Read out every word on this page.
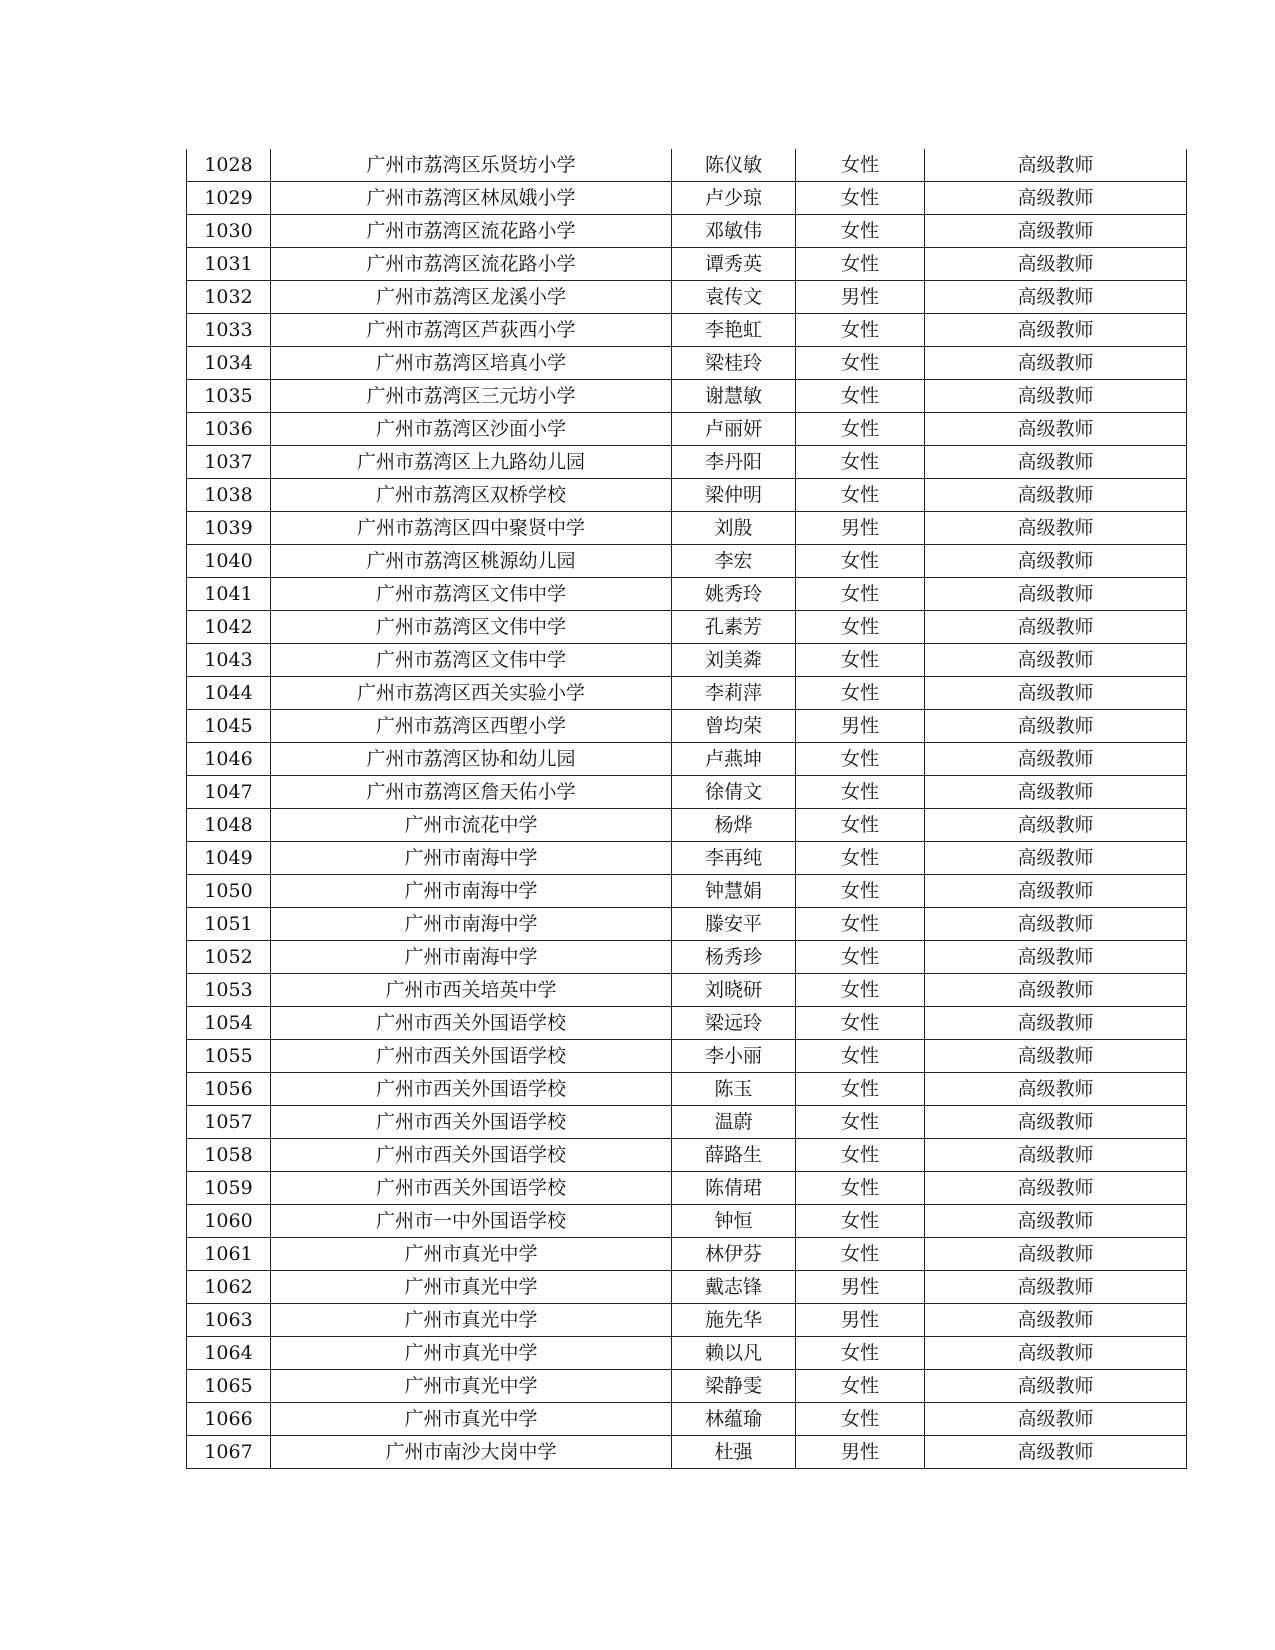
1028	广州市荔湾区乐贤坊小学	陈仪敏	女性	高级教师
1029	广州市荔湾区林凤娥小学	卢少琼	女性	高级教师
1030	广州市荔湾区流花路小学	邓敏伟	女性	高级教师
1031	广州市荔湾区流花路小学	谭秀英	女性	高级教师
1032	广州市荔湾区龙溪小学	袁传文	男性	高级教师
1033	广州市荔湾区芦荻西小学	李艳虹	女性	高级教师
1034	广州市荔湾区培真小学	梁桂玲	女性	高级教师
1035	广州市荔湾区三元坊小学	谢慧敏	女性	高级教师
1036	广州市荔湾区沙面小学	卢丽妍	女性	高级教师
1037	广州市荔湾区上九路幼儿园	李丹阳	女性	高级教师
1038	广州市荔湾区双桥学校	梁仲明	女性	高级教师
1039	广州市荔湾区四中聚贤中学	刘殷	男性	高级教师
1040	广州市荔湾区桃源幼儿园	李宏	女性	高级教师
1041	广州市荔湾区文伟中学	姚秀玲	女性	高级教师
1042	广州市荔湾区文伟中学	孔素芳	女性	高级教师
1043	广州市荔湾区文伟中学	刘美粦	女性	高级教师
1044	广州市荔湾区西关实验小学	李莉萍	女性	高级教师
1045	广州市荔湾区西塱小学	曾均荣	男性	高级教师
1046	广州市荔湾区协和幼儿园	卢燕坤	女性	高级教师
1047	广州市荔湾区詹天佑小学	徐倩文	女性	高级教师
1048	广州市流花中学	杨烨	女性	高级教师
1049	广州市南海中学	李再纯	女性	高级教师
1050	广州市南海中学	钟慧娟	女性	高级教师
1051	广州市南海中学	滕安平	女性	高级教师
1052	广州市南海中学	杨秀珍	女性	高级教师
1053	广州市西关培英中学	刘晓研	女性	高级教师
1054	广州市西关外国语学校	梁远玲	女性	高级教师
1055	广州市西关外国语学校	李小丽	女性	高级教师
1056	广州市西关外国语学校	陈玉	女性	高级教师
1057	广州市西关外国语学校	温蔚	女性	高级教师
1058	广州市西关外国语学校	薛路生	女性	高级教师
1059	广州市西关外国语学校	陈倩珺	女性	高级教师
1060	广州市一中外国语学校	钟恒	女性	高级教师
1061	广州市真光中学	林伊芬	女性	高级教师
1062	广州市真光中学	戴志锋	男性	高级教师
1063	广州市真光中学	施先华	男性	高级教师
1064	广州市真光中学	赖以凡	女性	高级教师
1065	广州市真光中学	梁静雯	女性	高级教师
1066	广州市真光中学	林蕴瑜	女性	高级教师
1067	广州市南沙大岗中学	杜强	男性	高级教师
